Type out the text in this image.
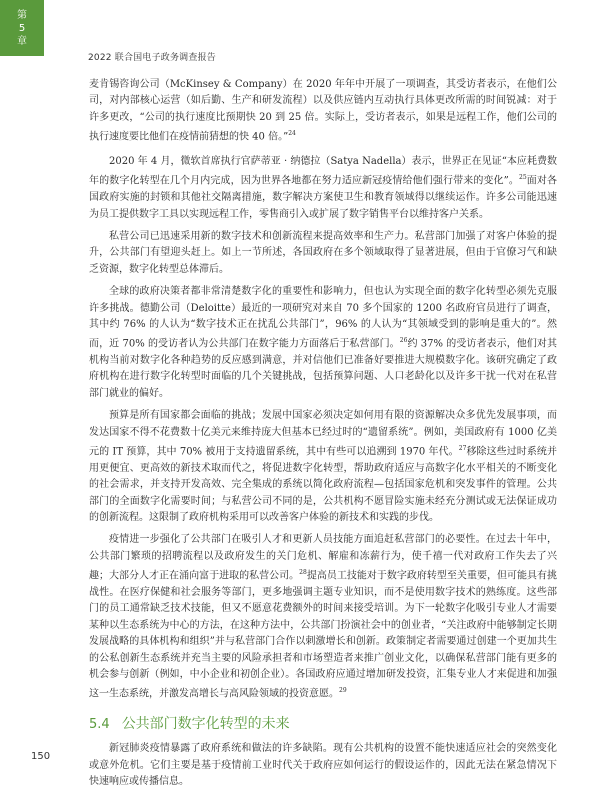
第
5
章
2022 联合国电子政务调查报告

麦肯锡咨询公司（McKinsey & Company）在 2020 年年中开展了一项调查，其受访者表示，在他们公司，对内部核心运营（如后勤、生产和研发流程）以及供应链内互动执行具体更改所需的时间锐减：对于许多更改，“公司的执行速度比预期快 20 到 25 倍。实际上，受访者表示，如果是远程工作，他们公司的执行速度要比他们在疫情前猜想的快 40 倍。”$^{24}$

2020 年 4 月，微软首席执行官萨蒂亚 · 纳德拉（Satya Nadella）表示，世界正在见证“本应耗费数年的数字化转型在几个月内完成，因为世界各地都在努力适应新冠疫情给他们强行带来的变化”。$^{25}$面对各国政府实施的封锁和其他社交隔离措施，数字解决方案使卫生和教育领域得以继续运作。许多公司能迅速为员工提供数字工具以实现远程工作，零售商引入或扩展了数字销售平台以维持客户关系。

私营公司已迅速采用新的数字技术和创新流程来提高效率和生产力。私营部门加强了对客户体验的提升，公共部门有望迎头赶上。如上一节所述，各国政府在多个领域取得了显著进展，但由于官僚习气和缺乏资源，数字化转型总体滞后。

全球的政府决策者都非常清楚数字化的重要性和影响力，但也认为实现全面的数字化转型必须先克服许多挑战。德勤公司（Deloitte）最近的一项研究对来自 70 多个国家的 1200 名政府官员进行了调查，其中约 76% 的人认为“数字技术正在扰乱公共部门”，96% 的人认为“其领域受到的影响是重大的”。然而，近 70% 的受访者认为公共部门在数字能力方面落后于私营部门。$^{26}$约 37% 的受访者表示，他们对其机构当前对数字化各种趋势的反应感到满意，并对信他们已准备好要推进大规模数字化。该研究确定了政府机构在进行数字化转型时面临的几个关键挑战，包括预算问题、人口老龄化以及许多干扰一代对在私营部门就业的偏好。

预算是所有国家都会面临的挑战；发展中国家必须决定如何用有限的资源解决众多优先发展事项，而发达国家不得不花费数十亿美元来维持庞大但基本已经过时的“遗留系统”。例如，美国政府有 1000 亿美元的 IT 预算，其中 70% 被用于支持遗留系统，其中有些可以追溯到 1970 年代。$^{27}$移除这些过时系统并用更便宜、更高效的新技术取而代之，将促进数字化转型，帮助政府适应与高数字化水平相关的不断变化的社会需求，并支持开发高效、完全集成的系统以简化政府流程—包括国家危机和突发事件的管理。公共部门的全面数字化需要时间；与私营公司不同的是，公共机构不愿冒险实施未经充分测试或无法保证成功的创新流程。这限制了政府机构采用可以改善客户体验的新技术和实践的步伐。

疫情进一步强化了公共部门在吸引人才和更新人员技能方面追赶私营部门的必要性。在过去十年中，公共部门繁琐的招聘流程以及政府发生的关门危机、解雇和冻薪行为，使千禧一代对政府工作失去了兴趣；大部分人才正在涌向富于进取的私营公司。$^{28}$提高员工技能对于数字政府转型至关重要，但可能具有挑战性。在医疗保健和社会服务等部门，更多地强调主题专业知识，而不是使用数字技术的熟练度。这些部门的员工通常缺乏技术技能，但又不愿意花费额外的时间来接受培训。为下一轮数字化吸引专业人才需要某种以生态系统为中心的方法，在这种方法中，公共部门扮演社会中的创业者，“关注政府中能够制定长期发展战略的具体机构和组织”并与私营部门合作以刺激增长和创新。政策制定者需要通过创建一个更加共生的公私创新生态系统并充当主要的风险承担者和市场塑造者来推广创业文化，以确保私营部门能有更多的机会参与创新（例如，中小企业和初创企业）。各国政府应通过增加研发投资，汇集专业人才来促进和加强这一生态系统，并激发高增长与高风险领域的投资意愿。$^{29}$

5.4 公共部门数字化转型的未来

新冠肺炎疫情暴露了政府系统和做法的许多缺陷。现有公共机构的设置不能快速适应社会的突然变化或意外危机。它们主要是基于疫情前工业时代关于政府应如何运行的假设运作的，因此无法在紧急情况下快速响应或传播信息。

150
